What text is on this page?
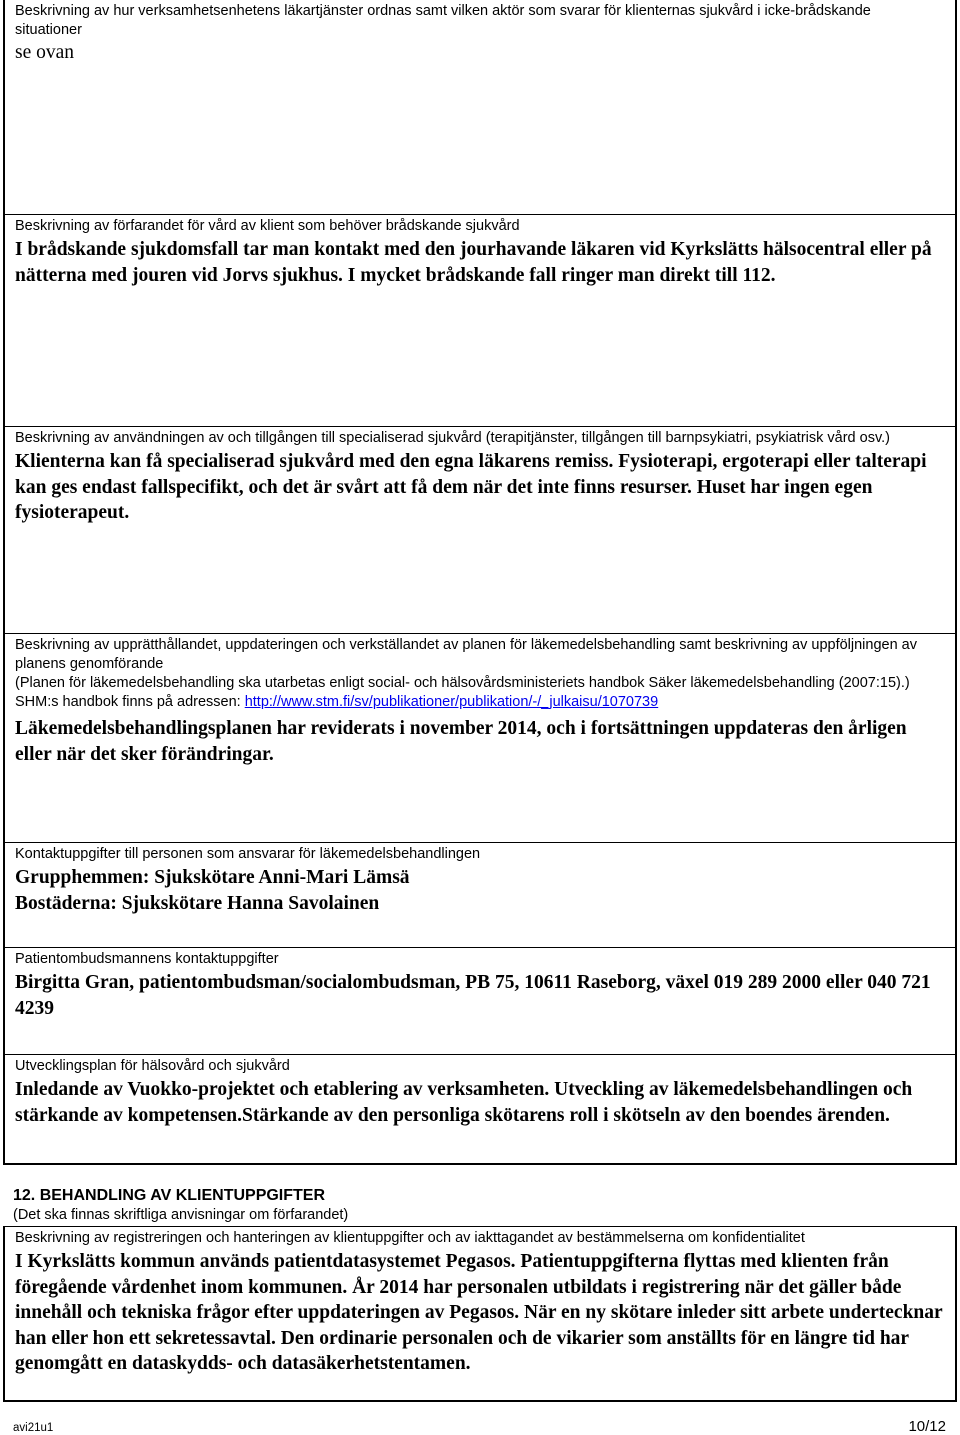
Beskrivning av hur verksamhetsenhetens läkartjänster ordnas samt vilken aktör som svarar för klienternas sjukvård i icke-brådskande situationer

se ovan

Beskrivning av förfarandet för vård av klient som behöver brådskande sjukvård

I brådskande sjukdomsfall tar man kontakt med den jourhavande läkaren vid Kyrkslätts hälsocentral eller på nätterna med jouren vid Jorvs sjukhus. I mycket brådskande fall ringer man direkt till 112.

Beskrivning av användningen av och tillgången till specialiserad sjukvård (terapitjänster, tillgången till barnpsykiatri, psykiatrisk vård osv.)

Klienterna kan få specialiserad sjukvård med den egna läkarens remiss. Fysioterapi, ergoterapi eller talterapi kan ges endast fallspecifikt, och det är svårt att få dem när det inte finns resurser. Huset har ingen egen fysioterapeut.

Beskrivning av upprätthållandet, uppdateringen och verkställandet av planen för läkemedelsbehandling samt beskrivning av uppföljningen av planens genomförande

(Planen för läkemedelsbehandling ska utarbetas enligt social- och hälsovårdsministeriets handbok Säker läkemedelsbehandling (2007:15).) SHM:s handbok finns på adressen: http://www.stm.fi/sv/publikationer/publikation/-/_julkaisu/1070739

Läkemedelsbehandlingsplanen har reviderats i november 2014, och i fortsättningen uppdateras den årligen eller när det sker förändringar.

Kontaktuppgifter till personen som ansvarar för läkemedelsbehandlingen

Grupphemmen: Sjukskötare Anni-Mari Lämsä

Bostäderna: Sjukskötare Hanna Savolainen

Patientombudsmannens kontaktuppgifter

Birgitta Gran, patientombudsman/socialombudsman, PB 75, 10611 Raseborg, växel 019 289 2000 eller 040 721 4239

Utvecklingsplan för hälsovård och sjukvård

Inledande av Vuokko-projektet och etablering av verksamheten. Utveckling av läkemedelsbehandlingen och stärkande av kompetensen.Stärkande av den personliga skötarens roll i skötseln av den boendes ärenden.

12. BEHANDLING AV KLIENTUPPGIFTER
(Det ska finnas skriftliga anvisningar om förfarandet)

Beskrivning av registreringen och hanteringen av klientuppgifter och av iakttagandet av bestämmelserna om konfidentialitet

I Kyrkslätts kommun används patientdatasystemet Pegasos. Patientuppgifterna flyttas med klienten från föregående vårdenhet inom kommunen. År 2014 har personalen utbildats i registrering när det gäller både innehåll och tekniska frågor efter uppdateringen av Pegasos. När en ny skötare inleder sitt arbete undertecknar han eller hon ett sekretessavtal. Den ordinarie personalen och de vikarier som anställts för en längre tid har genomgått en dataskydds- och datasäkerhetstentamen.

avi21u1	10/12
